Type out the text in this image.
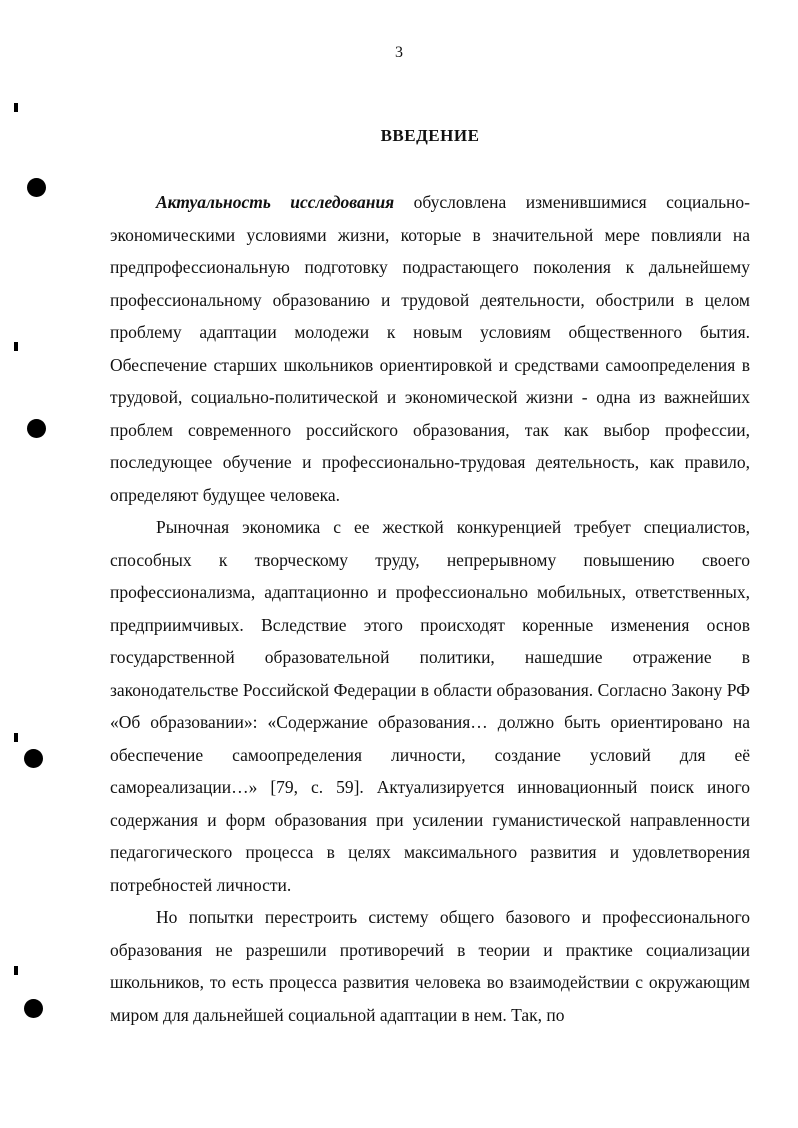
3
ВВЕДЕНИЕ

Актуальность исследования обусловлена изменившимися социально-экономическими условиями жизни, которые в значительной мере повлияли на предпрофессиональную подготовку подрастающего поколения к дальнейшему профессиональному образованию и трудовой деятельности, обострили в целом проблему адаптации молодежи к новым условиям общественного бытия. Обеспечение старших школьников ориентировкой и средствами самоопределения в трудовой, социально-политической и экономической жизни - одна из важнейших проблем современного российского образования, так как выбор профессии, последующее обучение и профессионально-трудовая деятельность, как правило, определяют будущее человека.

Рыночная экономика с ее жесткой конкуренцией требует специалистов, способных к творческому труду, непрерывному повышению своего профессионализма, адаптационно и профессионально мобильных, ответственных, предприимчивых. Вследствие этого происходят коренные изменения основ государственной образовательной политики, нашедшие отражение в законодательстве Российской Федерации в области образования. Согласно Закону РФ «Об образовании»: «Содержание образования… должно быть ориентировано на обеспечение самоопределения личности, создание условий для её самореализации…» [79, с. 59]. Актуализируется инновационный поиск иного содержания и форм образования при усилении гуманистической направленности педагогического процесса в целях максимального развития и удовлетворения потребностей личности.

Но попытки перестроить систему общего базового и профессионального образования не разрешили противоречий в теории и практике социализации школьников, то есть процесса развития человека во взаимодействии с окружающим миром для дальнейшей социальной адаптации в нем. Так, по
